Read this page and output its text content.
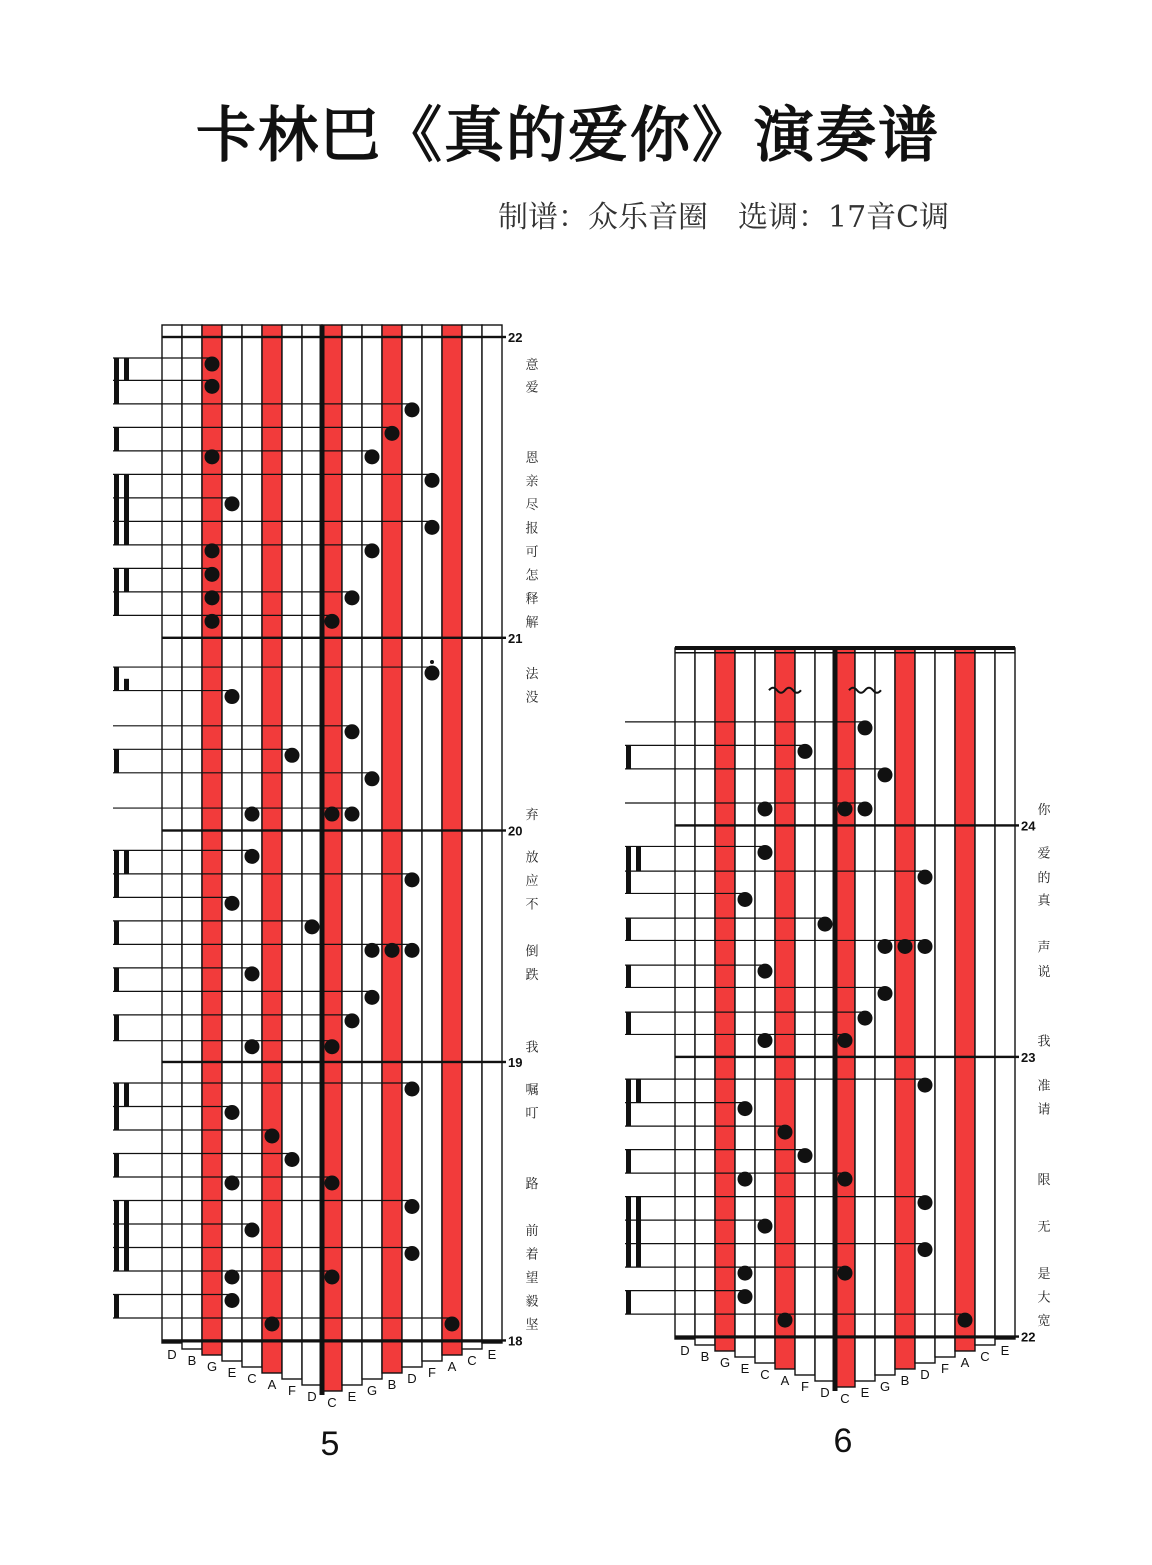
卡林巴《真的爱你》演奏谱
制谱：众乐音圈　选调：17音C调
D B G E C A F D C E G B D F A C E
22
21
20
19
18
意
爱
恩
亲
尽
报
可
怎
释
解
法
没
弃
放
应
不
倒
跌
我
嘱
叮
路
前
着
望
毅
坚
5
D B G E C A F D C E G B D F A C E
24
23
22
你
爱
的
真
声
说
我
准
请
限
无
是
大
宽
6
